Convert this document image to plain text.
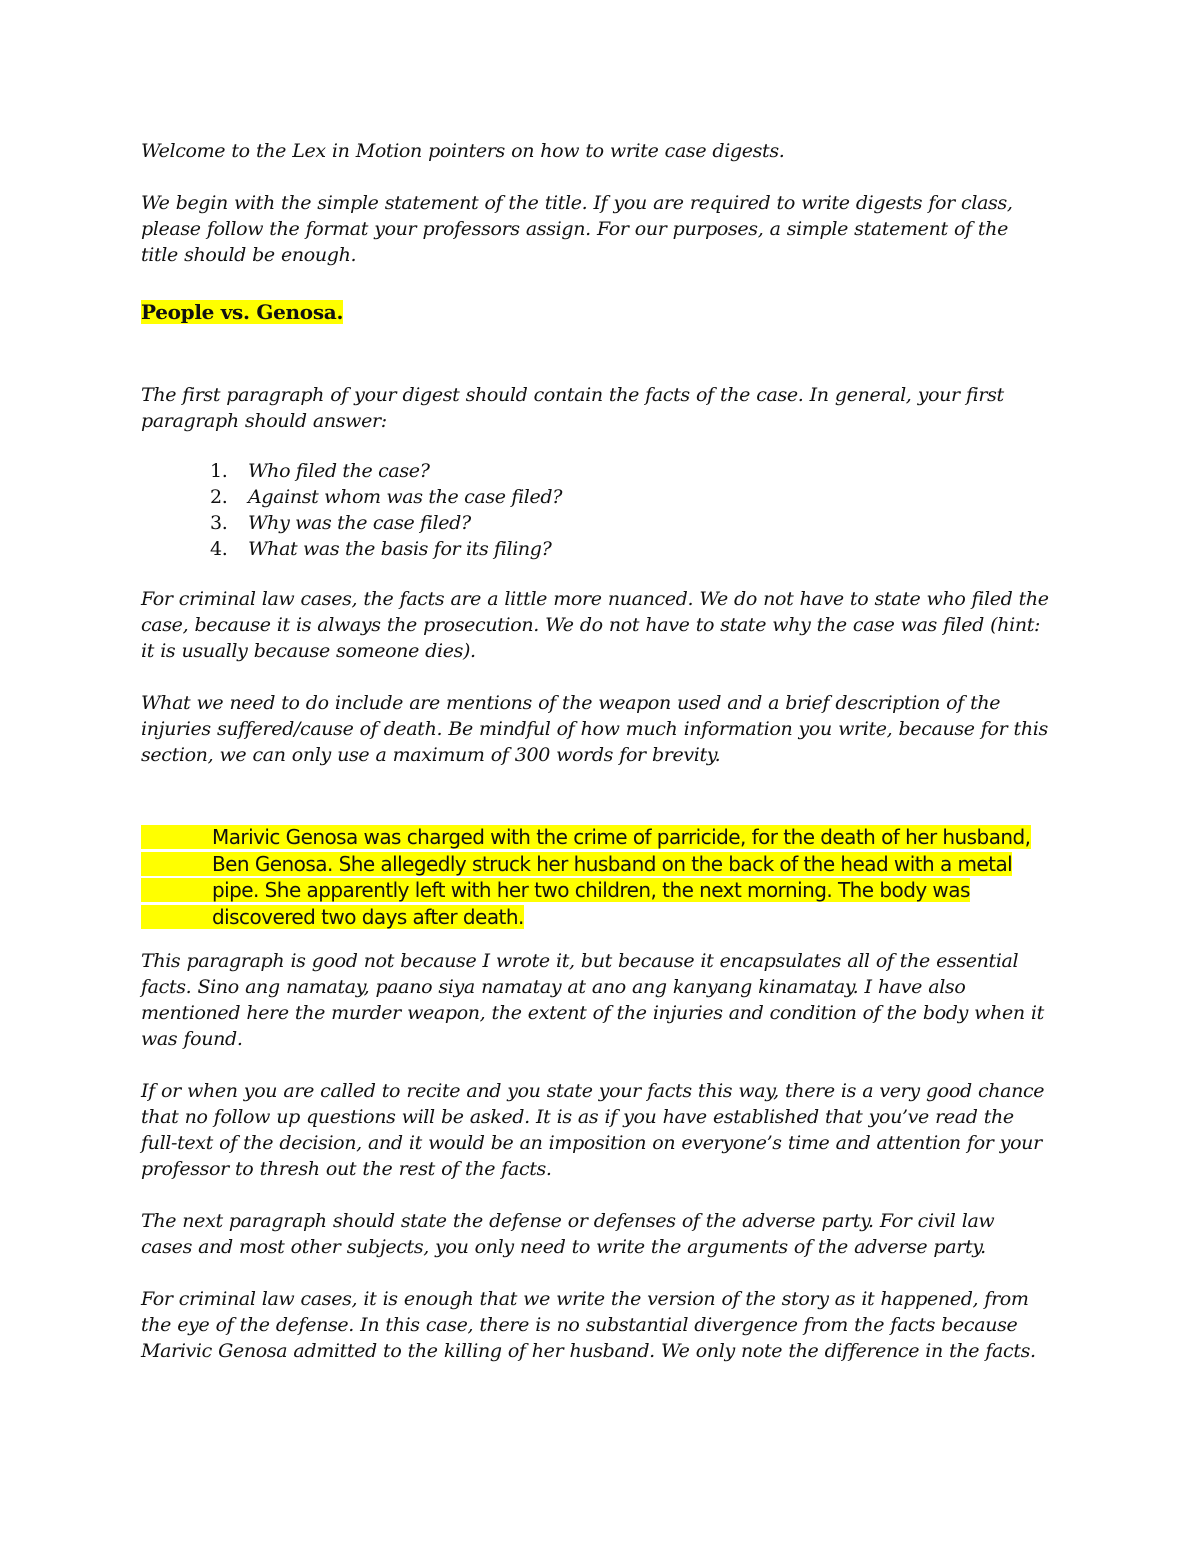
Welcome to the Lex in Motion pointers on how to write case digests.

We begin with the simple statement of the title. If you are required to write digests for class, please follow the format your professors assign. For our purposes, a simple statement of the title should be enough.

People vs. Genosa.

The first paragraph of your digest should contain the facts of the case. In general, your first paragraph should answer:

1. Who filed the case?
2. Against whom was the case filed?
3. Why was the case filed?
4. What was the basis for its filing?

For criminal law cases, the facts are a little more nuanced. We do not have to state who filed the case, because it is always the prosecution. We do not have to state why the case was filed (hint: it is usually because someone dies).

What we need to do include are mentions of the weapon used and a brief description of the injuries suffered/cause of death. Be mindful of how much information you write, because for this section, we can only use a maximum of 300 words for brevity.

Marivic Genosa was charged with the crime of parricide, for the death of her husband, Ben Genosa. She allegedly struck her husband on the back of the head with a metal pipe. She apparently left with her two children, the next morning. The body was discovered two days after death.

This paragraph is good not because I wrote it, but because it encapsulates all of the essential facts. Sino ang namatay, paano siya namatay at ano ang kanyang kinamatay. I have also mentioned here the murder weapon, the extent of the injuries and condition of the body when it was found.

If or when you are called to recite and you state your facts this way, there is a very good chance that no follow up questions will be asked. It is as if you have established that you’ve read the full-text of the decision, and it would be an imposition on everyone’s time and attention for your professor to thresh out the rest of the facts.

The next paragraph should state the defense or defenses of the adverse party. For civil law cases and most other subjects, you only need to write the arguments of the adverse party.

For criminal law cases, it is enough that we write the version of the story as it happened, from the eye of the defense. In this case, there is no substantial divergence from the facts because Marivic Genosa admitted to the killing of her husband. We only note the difference in the facts.
